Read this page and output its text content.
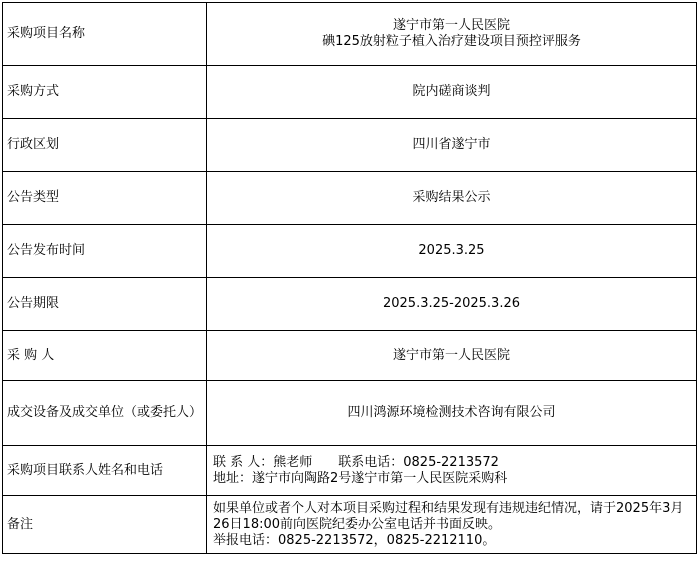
采购项目名称	遂宁市第一人民医院
碘125放射粒子植入治疗建设项目预控评服务

采购方式	院内磋商谈判
行政区划	四川省遂宁市
公告类型	采购结果公示
公告发布时间	2025.3.25
公告期限	2025.3.25-2025.3.26
采 购 人	遂宁市第一人民医院
成交设备及成交单位（或委托人）	四川鸿源环境检测技术咨询有限公司
采购项目联系人姓名和电话	联 系 人：熊老师　　联系电话：0825-2213572
地址：遂宁市向陶路2号遂宁市第一人民医院采购科

备注	如果单位或者个人对本项目采购过程和结果发现有违规违纪情况，请于2025年3月26日18:00前向医院纪委办公室电话并书面反映。
举报电话：0825-2213572，0825-2212110。
